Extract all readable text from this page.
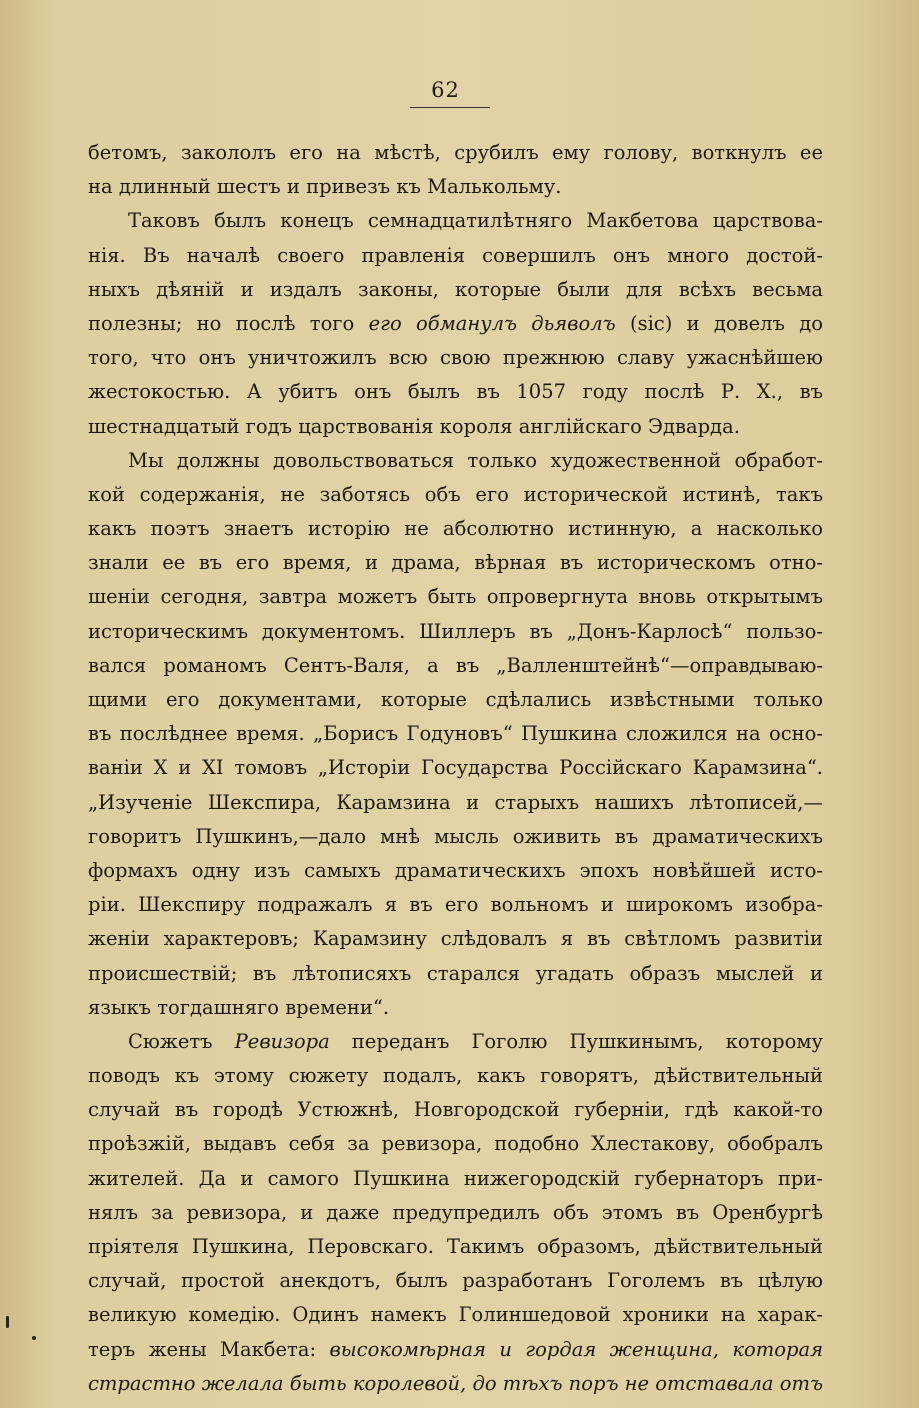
62
бетомъ, закололъ его на мѣстѣ, срубилъ ему голову, воткнулъ ее
на длинный шестъ и привезъ къ Малькольму.
Таковъ былъ конецъ семнадцатилѣтняго Макбетова царствова-
нія. Въ началѣ своего правленія совершилъ онъ много достой-
ныхъ дѣяній и издалъ законы, которые были для всѣхъ весьма
полезны; но послѣ того его обманулъ дьяволъ (sic) и довелъ до
того, что онъ уничтожилъ всю свою прежнюю славу ужаснѣйшею
жестокостью. А убитъ онъ былъ въ 1057 году послѣ Р. Х., въ
шестнадцатый годъ царствованія короля англійскаго Эдварда.
Мы должны довольствоваться только художественной обработ-
кой содержанія, не заботясь объ его исторической истинѣ, такъ
какъ поэтъ знаетъ исторію не абсолютно истинную, а насколько
знали ее въ его время, и драма, вѣрная въ историческомъ отно-
шеніи сегодня, завтра можетъ быть опровергнута вновь открытымъ
историческимъ документомъ. Шиллеръ въ „Донъ-Карлосѣ“ пользо-
вался романомъ Сентъ-Валя, а въ „Валленштейнѣ“—оправдываю-
щими его документами, которые сдѣлались извѣстными только
въ послѣднее время. „Борисъ Годуновъ“ Пушкина сложился на осно-
ваніи X и XI томовъ „Исторіи Государства Россійскаго Карамзина“.
„Изученіе Шекспира, Карамзина и старыхъ нашихъ лѣтописей,—
говоритъ Пушкинъ,—дало мнѣ мысль оживить въ драматическихъ
формахъ одну изъ самыхъ драматическихъ эпохъ новѣйшей исто-
ріи. Шекспиру подражалъ я въ его вольномъ и широкомъ изобра-
женіи характеровъ; Карамзину слѣдовалъ я въ свѣтломъ развитіи
происшествій; въ лѣтописяхъ старался угадать образъ мыслей и
языкъ тогдашняго времени“.
Сюжетъ Ревизора переданъ Гоголю Пушкинымъ, которому
поводъ къ этому сюжету подалъ, какъ говорятъ, дѣйствительный
случай въ городѣ Устюжнѣ, Новгородской губерніи, гдѣ какой-то
проѣзжій, выдавъ себя за ревизора, подобно Хлестакову, обобралъ
жителей. Да и самого Пушкина нижегородскій губернаторъ при-
нялъ за ревизора, и даже предупредилъ объ этомъ въ Оренбургѣ
пріятеля Пушкина, Перовскаго. Такимъ образомъ, дѣйствительный
случай, простой анекдотъ, былъ разработанъ Гоголемъ въ цѣлую
великую комедію. Одинъ намекъ Голиншедовой хроники на харак-
теръ жены Макбета: высокомѣрная и гордая женщина, которая
страстно желала быть королевой, до тѣхъ поръ не отставала отъ
